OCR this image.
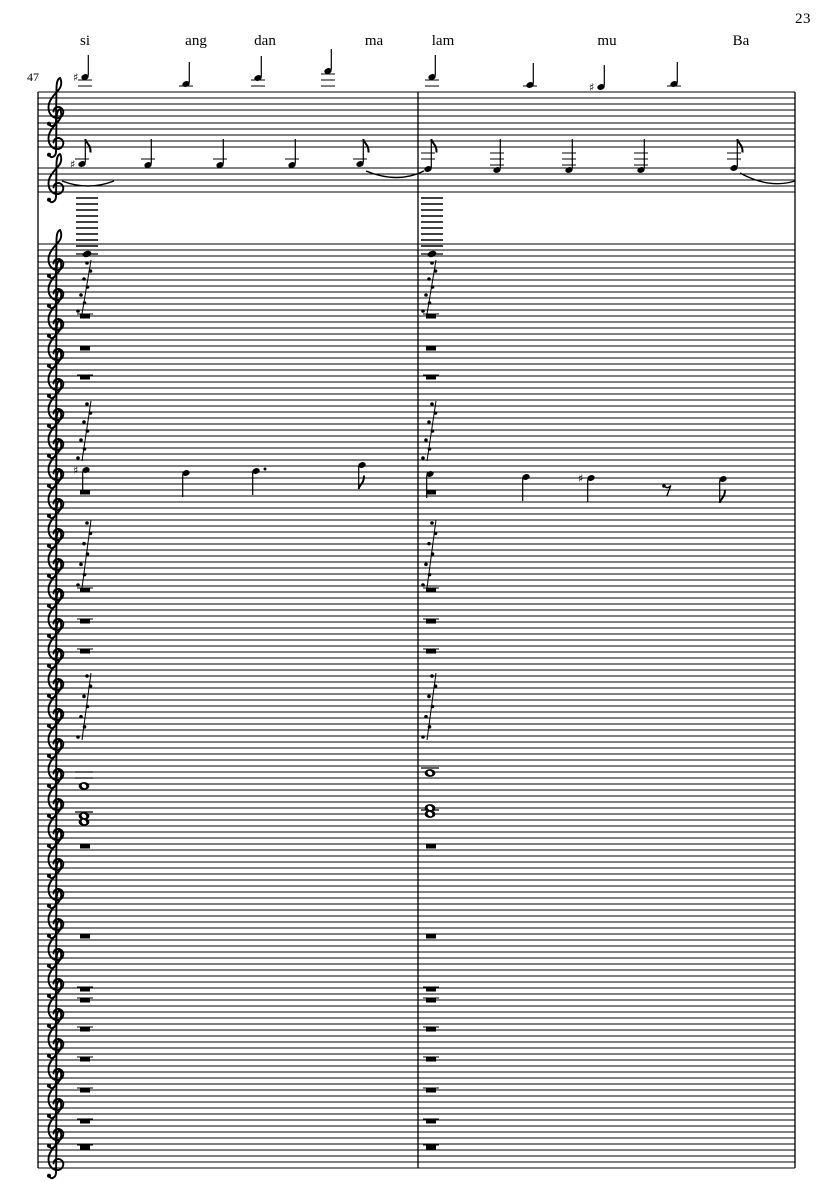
23
47
si	ang	dan	ma	lam	mu	Ba
♯
♯
♯
♯
♯
